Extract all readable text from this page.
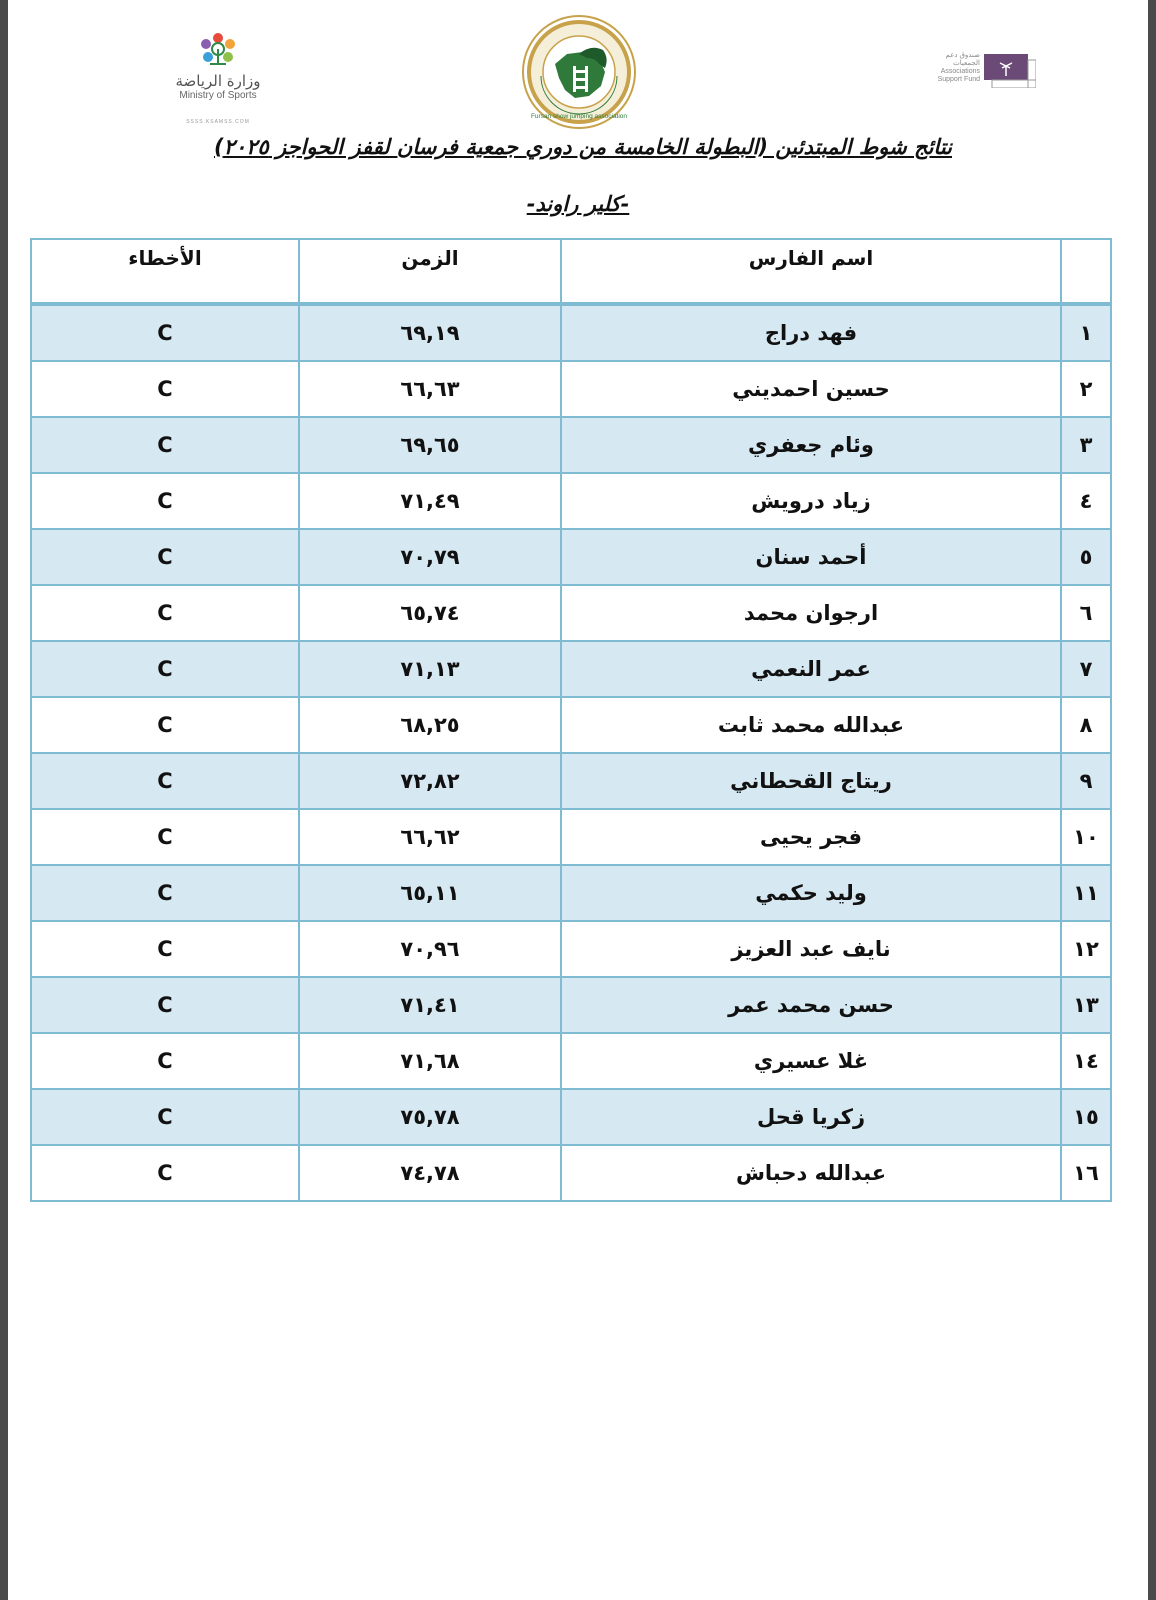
وزارة الرياضة
Ministry of Sports
SSSS.KSAMSS.COM
Fursan show jumping association
صندوق دعم
الجمعيات
Associations
Support Fund
نتائج شوط المبتدئين (البطولة الخامسة من دوري جمعية فرسان لقفز الحواجز ٢٠٢٥)
-كلير راوند-
الأخطاء	الزمن	اسم الفارس	
C	٦٩,١٩	فهد دراج	١
C	٦٦,٦٣	حسين احمديني	٢
C	٦٩,٦٥	وئام جعفري	٣
C	٧١,٤٩	زياد درويش	٤
C	٧٠,٧٩	أحمد سنان	٥
C	٦٥,٧٤	ارجوان محمد	٦
C	٧١,١٣	عمر النعمي	٧
C	٦٨,٢٥	عبدالله محمد ثابت	٨
C	٧٢,٨٢	ريتاج القحطاني	٩
C	٦٦,٦٢	فجر يحيى	١٠
C	٦٥,١١	وليد حكمي	١١
C	٧٠,٩٦	نايف عبد العزيز	١٢
C	٧١,٤١	حسن محمد عمر	١٣
C	٧١,٦٨	غلا عسيري	١٤
C	٧٥,٧٨	زكريا قحل	١٥
C	٧٤,٧٨	عبدالله دحباش	١٦
